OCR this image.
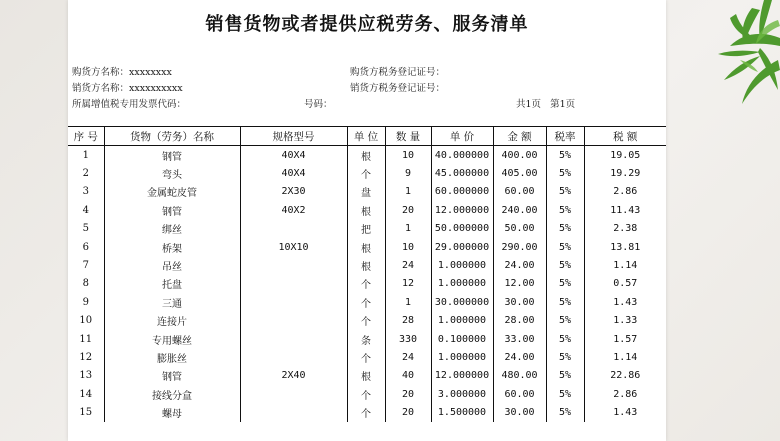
销售货物或者提供应税劳务、服务清单
购货方名称：xxxxxxxx	购货方税务登记证号：
销货方名称：xxxxxxxxxx	销货方税务登记证号：
所属增值税专用发票代码：	号码：	共1页 第1页
序 号	货物（劳务）名称	规格型号	单 位	数 量	单 价	金 额	税率	税 额
1	钢管	40X4	根	10	40.000000	400.00	5%	19.05
2	弯头	40X4	个	9	45.000000	405.00	5%	19.29
3	金属蛇皮管	2X30	盘	1	60.000000	60.00	5%	2.86
4	钢管	40X2	根	20	12.000000	240.00	5%	11.43
5	绑丝		把	1	50.000000	50.00	5%	2.38
6	桥架	10X10	根	10	29.000000	290.00	5%	13.81
7	吊丝		根	24	1.000000	24.00	5%	1.14
8	托盘		个	12	1.000000	12.00	5%	0.57
9	三通		个	1	30.000000	30.00	5%	1.43
10	连接片		个	28	1.000000	28.00	5%	1.33
11	专用螺丝		条	330	0.100000	33.00	5%	1.57
12	膨胀丝		个	24	1.000000	24.00	5%	1.14
13	钢管	2X40	根	40	12.000000	480.00	5%	22.86
14	接线分盒		个	20	3.000000	60.00	5%	2.86
15	螺母		个	20	1.500000	30.00	5%	1.43
